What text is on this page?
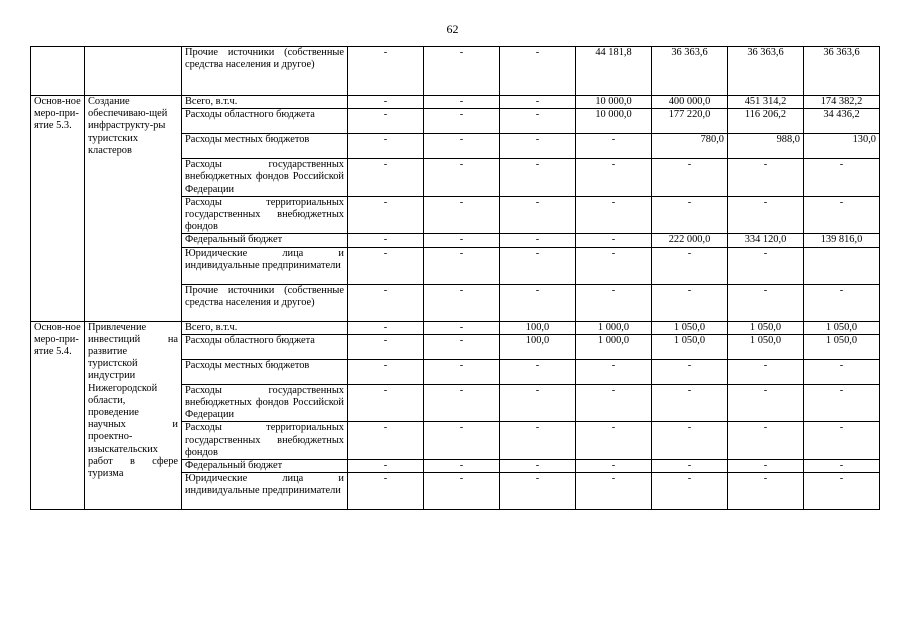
62
		Прочие источники (собственные средства населения и другое)	-	-	-	44 181,8	36 363,6	36 363,6	36 363,6
Основ-ное меро-при-ятие 5.3.	Создание обеспечиваю-щей инфраструкту-ры туристских кластеров	Всего, в.т.ч.	-	-	-	10 000,0	400 000,0	451 314,2	174 382,2
		Расходы областного бюджета	-	-	-	10 000,0	177 220,0	116 206,2	34 436,2
		Расходы местных бюджетов	-	-	-	-	780,0	988,0	130,0
		Расходы государственных внебюджетных фондов Российской Федерации	-	-	-	-	-	-	-
		Расходы территориальных государственных внебюджетных фондов	-	-	-	-	-	-	-
		Федеральный бюджет	-	-	-	-	222 000,0	334 120,0	139 816,0
		Юридические лица и индивидуальные предприниматели	-	-	-	-	-	-	
		Прочие источники (собственные средства населения и другое)	-	-	-	-	-	-	-
Основ-ное меро-при-ятие 5.4.	Привлечение инвестиций на развитие туристской индустрии Нижегородской области, проведение научных и проектно-изыскательских работ в сфере туризма	Всего, в.т.ч.	-	-	100,0	1 000,0	1 050,0	1 050,0	1 050,0
		Расходы областного бюджета	-	-	100,0	1 000,0	1 050,0	1 050,0	1 050,0
		Расходы местных бюджетов	-	-	-	-	-	-	-
		Расходы государственных внебюджетных фондов Российской Федерации	-	-	-	-	-	-	-
		Расходы территориальных государственных внебюджетных фондов	-	-	-	-	-	-	-
		Федеральный бюджет	-	-	-	-	-	-	-
		Юридические лица и индивидуальные предприниматели	-	-	-	-	-	-	-
